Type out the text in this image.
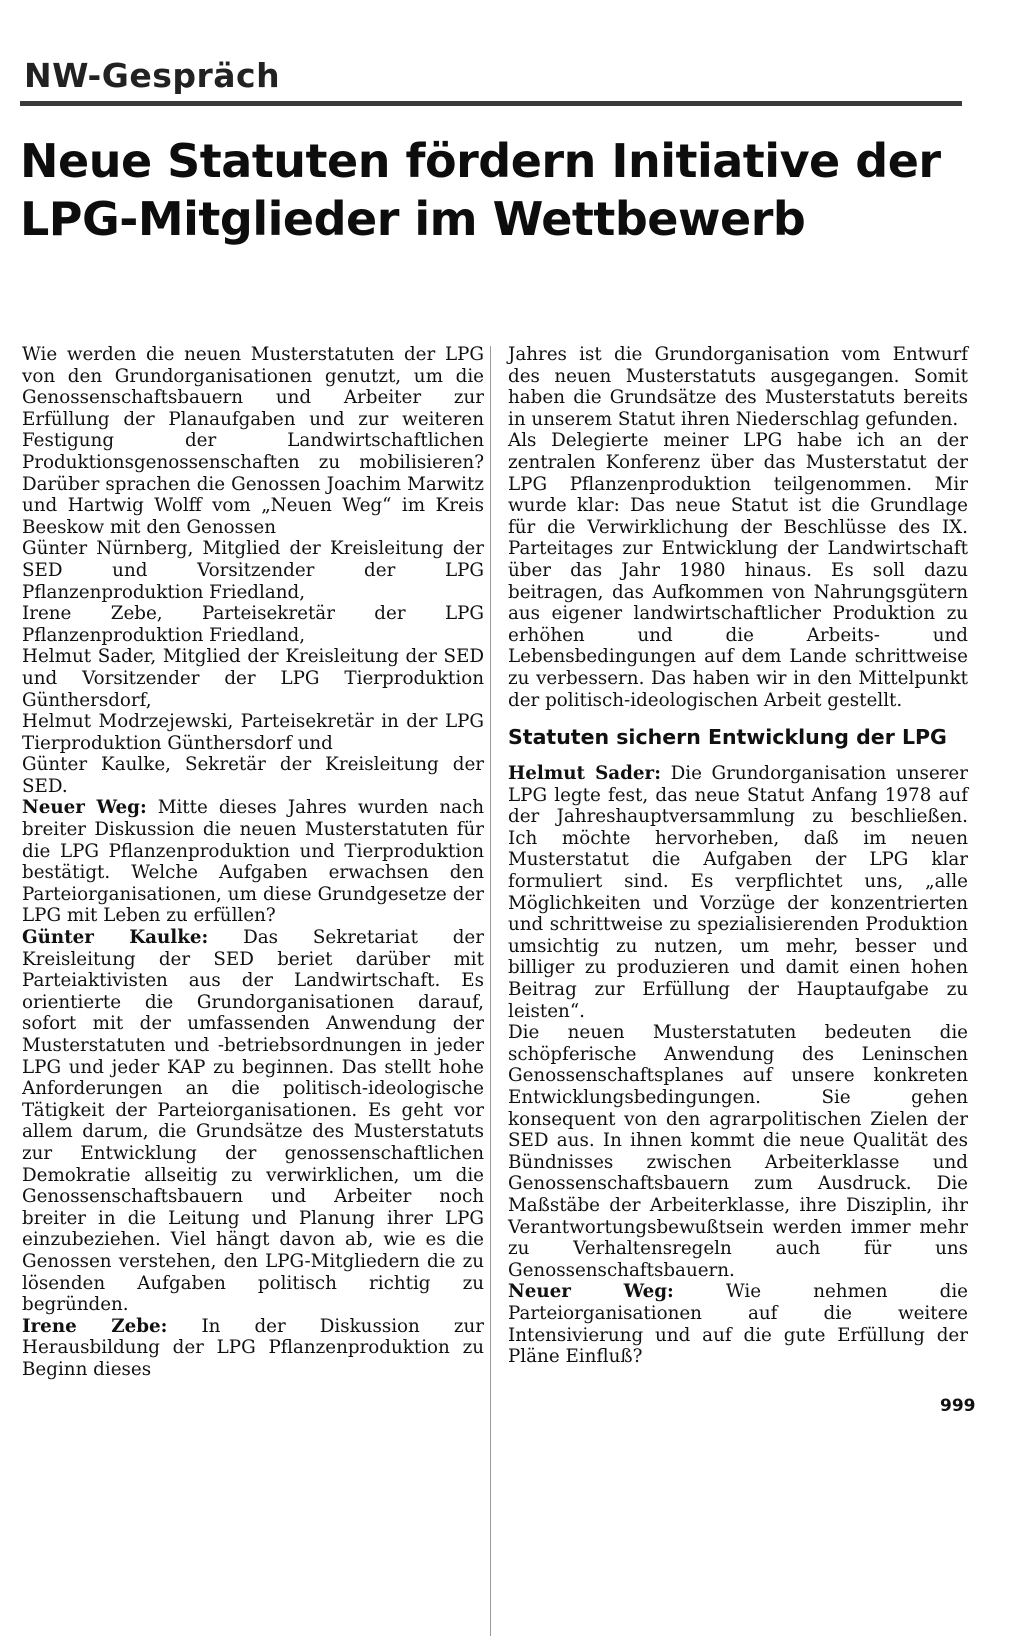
NW-Gespräch
Neue Statuten fördern Initiative der LPG-Mitglieder im Wettbewerb

Wie werden die neuen Musterstatuten der LPG von den Grundorganisationen genutzt, um die Genossenschaftsbauern und Arbeiter zur Erfüllung der Planaufgaben und zur weiteren Festigung der Landwirtschaftlichen Produktionsgenossenschaften zu mobilisieren? Darüber sprachen die Genossen Joachim Marwitz und Hartwig Wolff vom „Neuen Weg“ im Kreis Beeskow mit den Genossen

Günter Nürnberg, Mitglied der Kreisleitung der SED und Vorsitzender der LPG Pflanzenproduktion Friedland,

Irene Zebe, Parteisekretär der LPG Pflanzenproduktion Friedland,

Helmut Sader, Mitglied der Kreisleitung der SED und Vorsitzender der LPG Tierproduktion Günthersdorf,

Helmut Modrzejewski, Parteisekretär in der LPG Tierproduktion Günthersdorf und

Günter Kaulke, Sekretär der Kreisleitung der SED.

Neuer Weg: Mitte dieses Jahres wurden nach breiter Diskussion die neuen Musterstatuten für die LPG Pflanzenproduktion und Tierproduktion bestätigt. Welche Aufgaben erwachsen den Parteiorganisationen, um diese Grundgesetze der LPG mit Leben zu erfüllen?

Günter Kaulke: Das Sekretariat der Kreisleitung der SED beriet darüber mit Parteiaktivisten aus der Landwirtschaft. Es orientierte die Grundorganisationen darauf, sofort mit der umfassenden Anwendung der Musterstatuten und -betriebsordnungen in jeder LPG und jeder KAP zu beginnen. Das stellt hohe Anforderungen an die politisch-ideologische Tätigkeit der Parteiorganisationen. Es geht vor allem darum, die Grundsätze des Musterstatuts zur Entwicklung der genossenschaftlichen Demokratie allseitig zu verwirklichen, um die Genossenschaftsbauern und Arbeiter noch breiter in die Leitung und Planung ihrer LPG einzubeziehen. Viel hängt davon ab, wie es die Genossen verstehen, den LPG-Mitgliedern die zu lösenden Aufgaben politisch richtig zu begründen.

Irene Zebe: In der Diskussion zur Herausbildung der LPG Pflanzenproduktion zu Beginn dieses

Jahres ist die Grundorganisation vom Entwurf des neuen Musterstatuts ausgegangen. Somit haben die Grundsätze des Musterstatuts bereits in unserem Statut ihren Niederschlag gefunden.

Als Delegierte meiner LPG habe ich an der zentralen Konferenz über das Musterstatut der LPG Pflanzenproduktion teilgenommen. Mir wurde klar: Das neue Statut ist die Grundlage für die Verwirklichung der Beschlüsse des IX. Parteitages zur Entwicklung der Landwirtschaft über das Jahr 1980 hinaus. Es soll dazu beitragen, das Aufkommen von Nahrungsgütern aus eigener landwirtschaftlicher Produktion zu erhöhen und die Arbeits- und Lebensbedingungen auf dem Lande schrittweise zu verbessern. Das haben wir in den Mittelpunkt der politisch-ideologischen Arbeit gestellt.

Statuten sichern Entwicklung der LPG

Helmut Sader: Die Grundorganisation unserer LPG legte fest, das neue Statut Anfang 1978 auf der Jahreshauptversammlung zu beschließen. Ich möchte hervorheben, daß im neuen Musterstatut die Aufgaben der LPG klar formuliert sind. Es verpflichtet uns, „alle Möglichkeiten und Vorzüge der konzentrierten und schrittweise zu spezialisierenden Produktion umsichtig zu nutzen, um mehr, besser und billiger zu produzieren und damit einen hohen Beitrag zur Erfüllung der Hauptaufgabe zu leisten“.

Die neuen Musterstatuten bedeuten die schöpferische Anwendung des Leninschen Genossenschaftsplanes auf unsere konkreten Entwicklungsbedingungen. Sie gehen konsequent von den agrarpolitischen Zielen der SED aus. In ihnen kommt die neue Qualität des Bündnisses zwischen Arbeiterklasse und Genossenschaftsbauern zum Ausdruck. Die Maßstäbe der Arbeiterklasse, ihre Disziplin, ihr Verantwortungsbewußtsein werden immer mehr zu Verhaltensregeln auch für uns Genossenschaftsbauern.

Neuer Weg: Wie nehmen die Parteiorganisationen auf die weitere Intensivierung und auf die gute Erfüllung der Pläne Einfluß?

999
